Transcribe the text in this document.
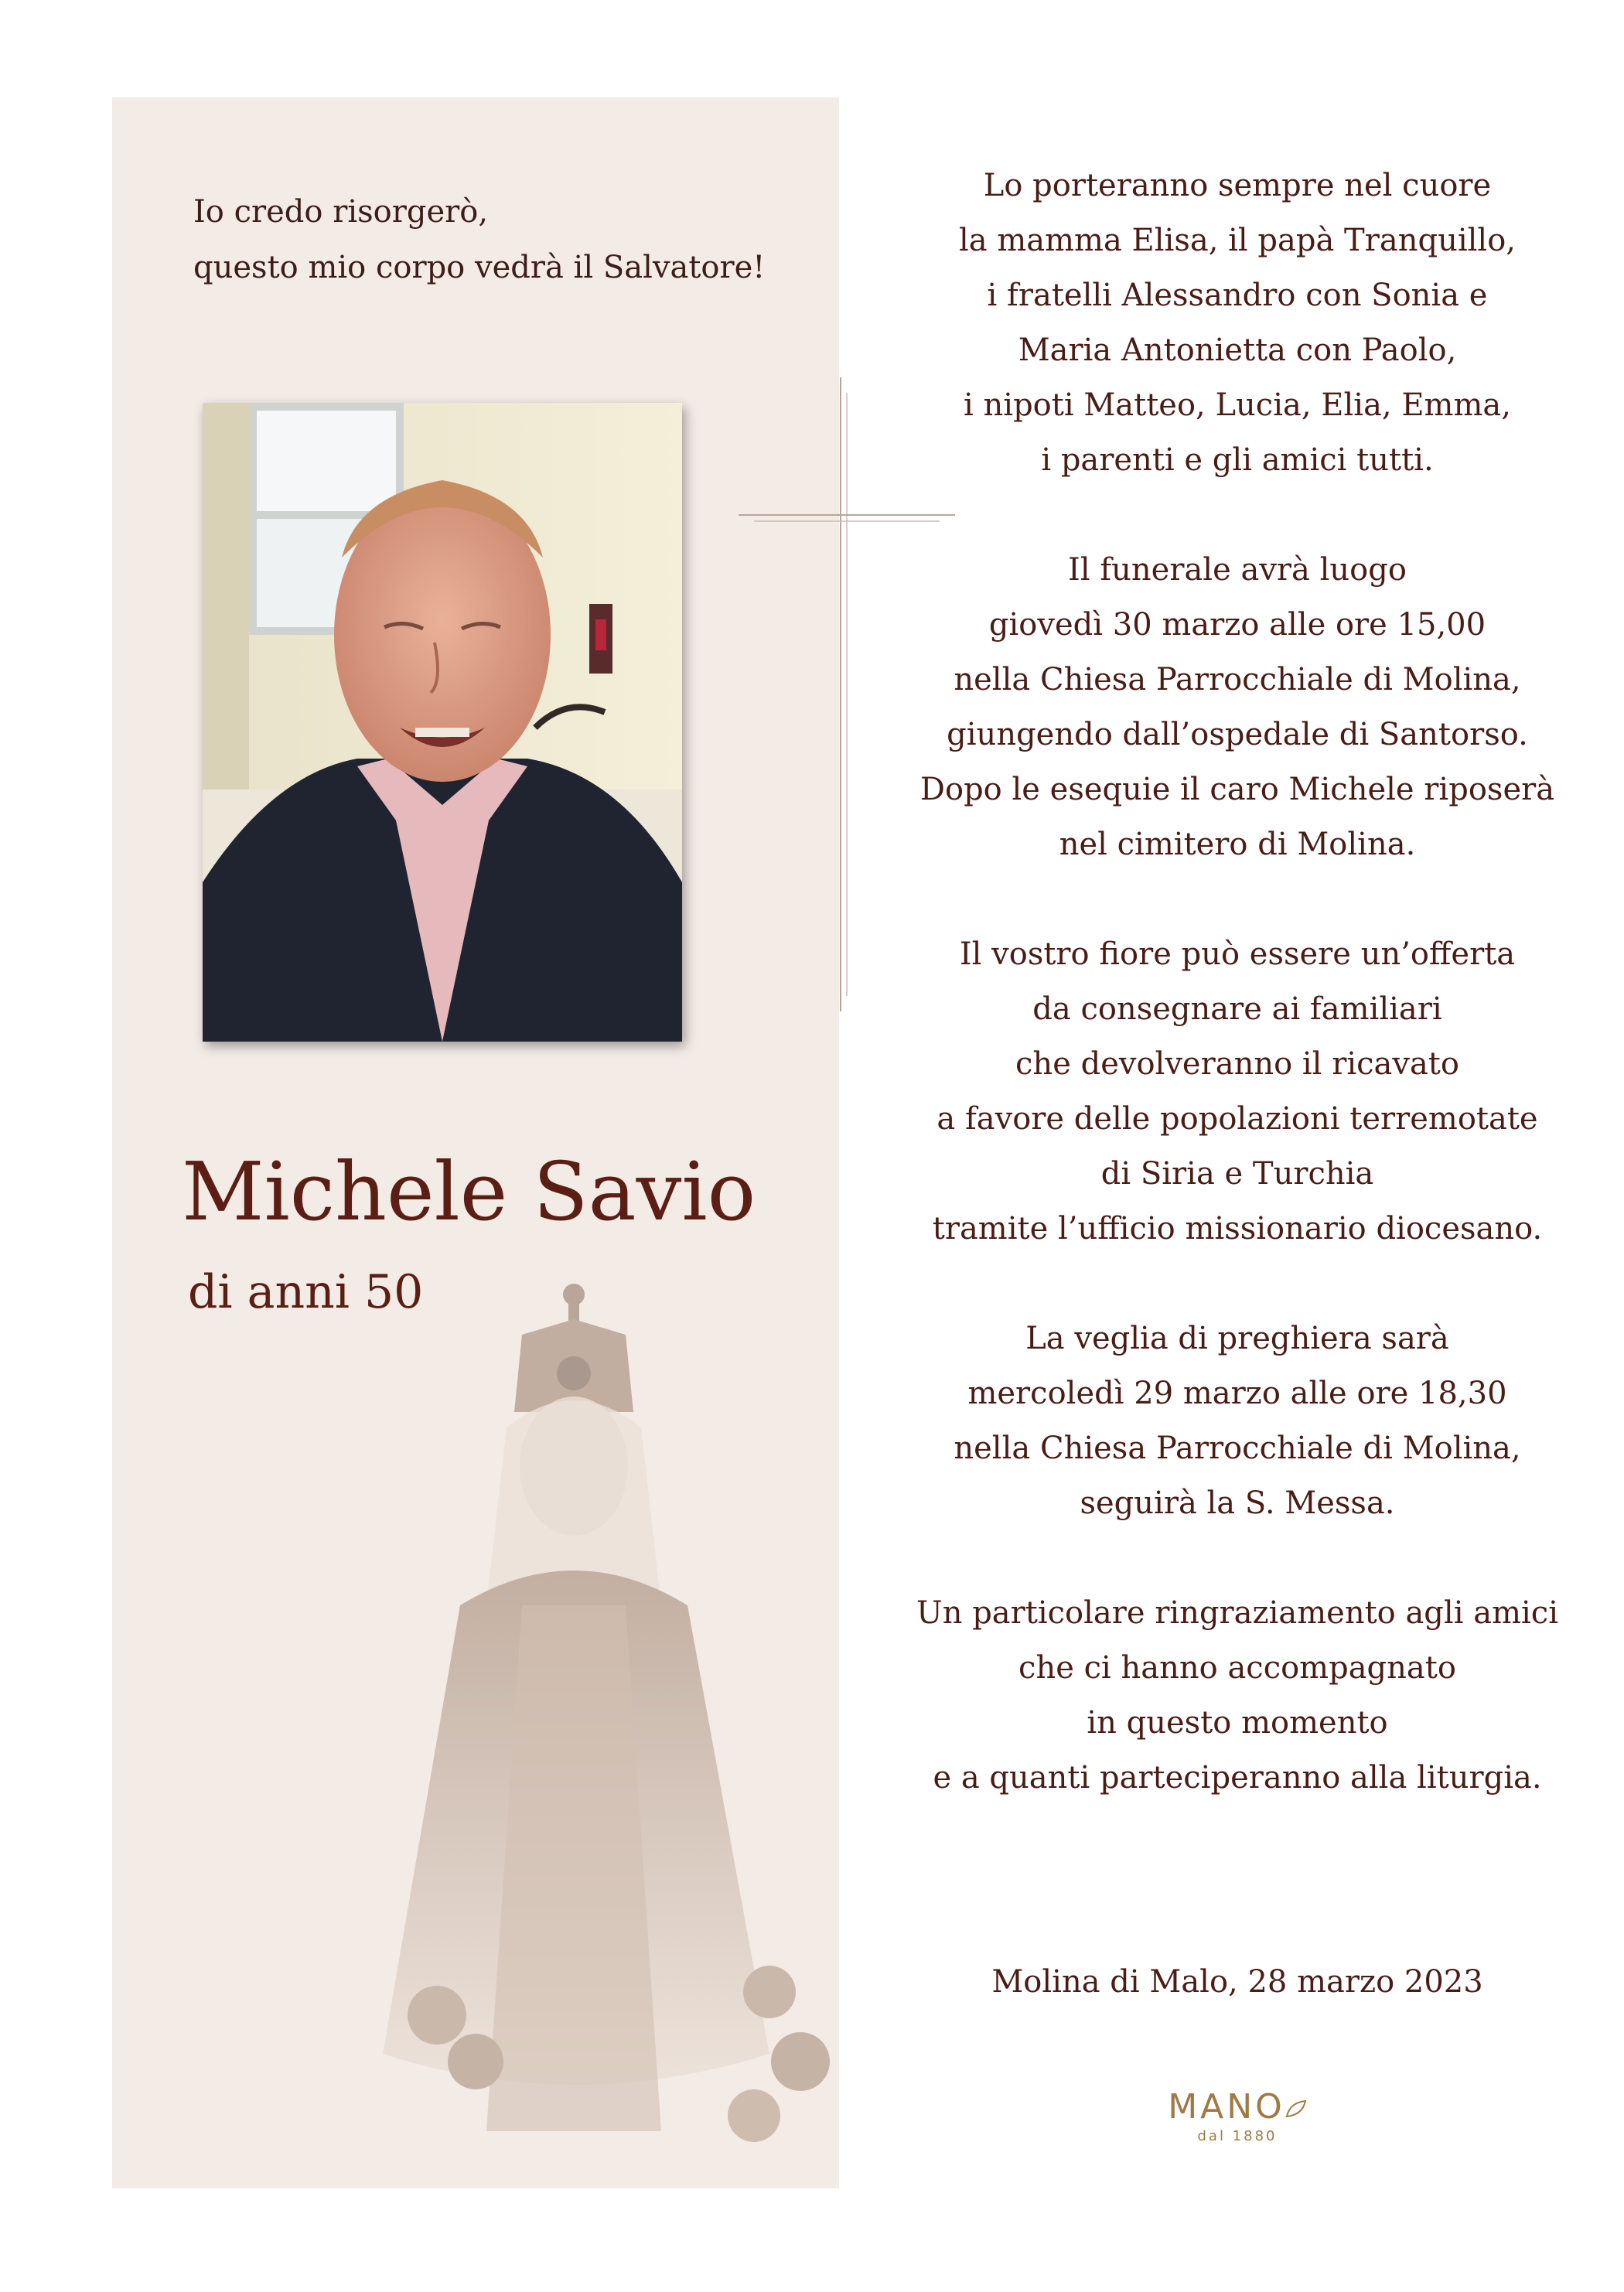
Io credo risorgerò,
questo mio corpo vedrà il Salvatore!
Michele Savio
di anni 50
Lo porteranno sempre nel cuore
la mamma Elisa, il papà Tranquillo,
i fratelli Alessandro con Sonia e
Maria Antonietta con Paolo,
i nipoti Matteo, Lucia, Elia, Emma,
i parenti e gli amici tutti.
Il funerale avrà luogo
giovedì 30 marzo alle ore 15,00
nella Chiesa Parrocchiale di Molina,
giungendo dall’ospedale di Santorso.
Dopo le esequie il caro Michele riposerà
nel cimitero di Molina.
Il vostro fiore può essere un’offerta
da consegnare ai familiari
che devolveranno il ricavato
a favore delle popolazioni terremotate
di Siria e Turchia
tramite l’ufficio missionario diocesano.
La veglia di preghiera sarà
mercoledì 29 marzo alle ore 18,30
nella Chiesa Parrocchiale di Molina,
seguirà la S. Messa.
Un particolare ringraziamento agli amici
che ci hanno accompagnato
in questo momento
e a quanti parteciperanno alla liturgia.
Molina di Malo, 28 marzo 2023
MANO
dal 1880
